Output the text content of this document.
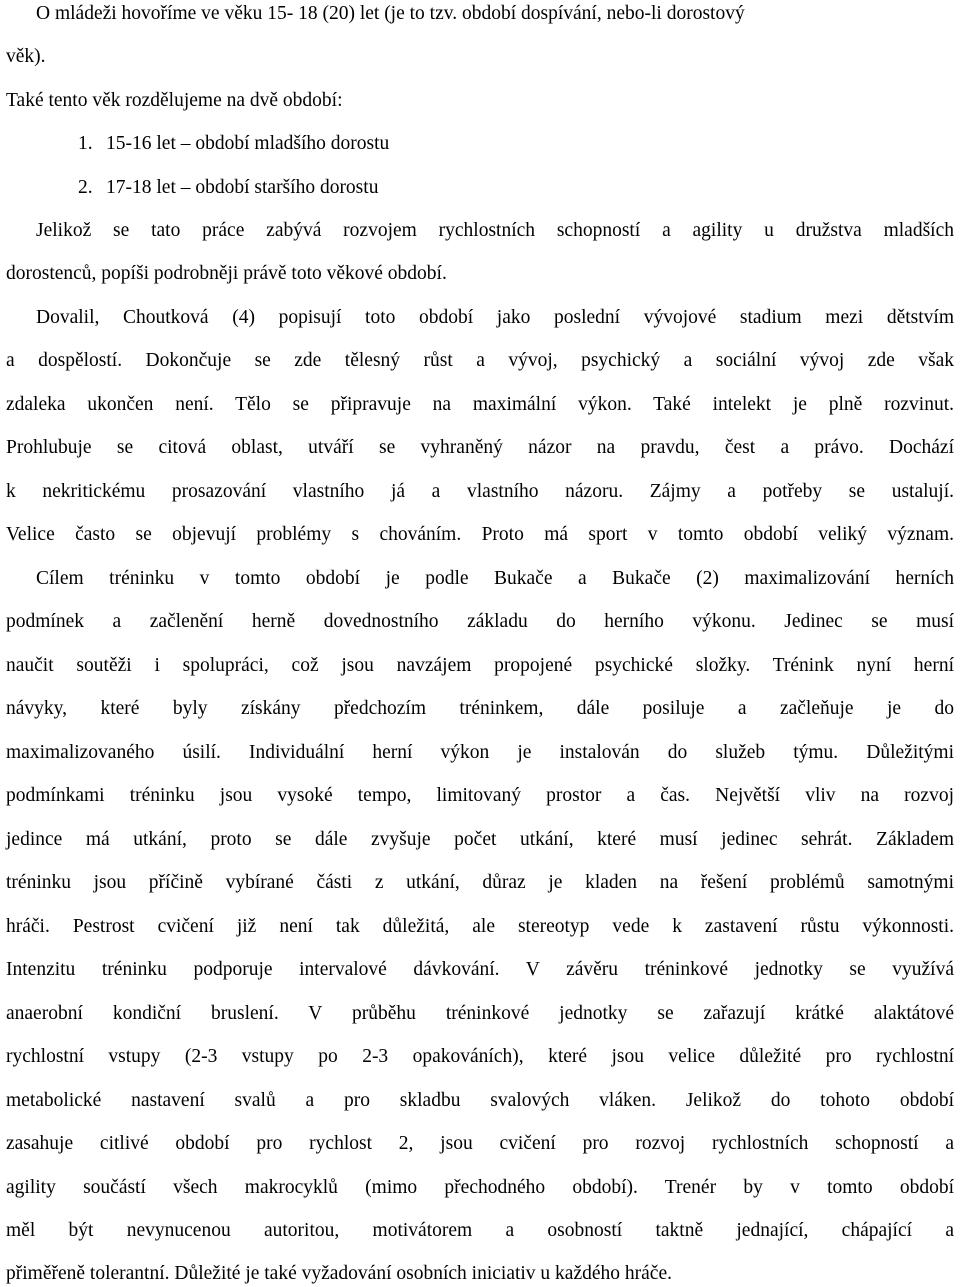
O mládeži hovoříme ve věku 15- 18 (20) let (je to tzv. období dospívání, nebo-li dorostový
věk).
Také tento věk rozdělujeme na dvě období:
1. 15-16 let – období mladšího dorostu
2. 17-18 let – období staršího dorostu
Jelikož se tato práce zabývá rozvojem rychlostních schopností a agility u družstva mladších
dorostenců, popíši podrobněji právě toto věkové období.
Dovalil, Choutková (4) popisují toto období jako poslední vývojové stadium mezi dětstvím
a dospělostí. Dokončuje se zde tělesný růst a vývoj, psychický a sociální vývoj zde však
zdaleka ukončen není. Tělo se připravuje na maximální výkon. Také intelekt je plně rozvinut.
Prohlubuje se citová oblast, utváří se vyhraněný názor na pravdu, čest a právo. Dochází
k nekritickému prosazování vlastního já a vlastního názoru. Zájmy a potřeby se ustalují.
Velice často se objevují problémy s chováním. Proto má sport v tomto období veliký význam.
Cílem tréninku v tomto období je podle Bukače a Bukače (2) maximalizování herních
podmínek a začlenění herně dovednostního základu do herního výkonu. Jedinec se musí
naučit soutěži i spolupráci, což jsou navzájem propojené psychické složky. Trénink nyní herní
návyky, které byly získány předchozím tréninkem, dále posiluje a začleňuje je do
maximalizovaného úsilí. Individuální herní výkon je instalován do služeb týmu. Důležitými
podmínkami tréninku jsou vysoké tempo, limitovaný prostor a čas. Největší vliv na rozvoj
jedince má utkání, proto se dále zvyšuje počet utkání, které musí jedinec sehrát. Základem
tréninku jsou příčině vybírané části z utkání, důraz je kladen na řešení problémů samotnými
hráči. Pestrost cvičení již není tak důležitá, ale stereotyp vede k zastavení růstu výkonnosti.
Intenzitu tréninku podporuje intervalové dávkování. V závěru tréninkové jednotky se využívá
anaerobní kondiční bruslení. V průběhu tréninkové jednotky se zařazují krátké alaktátové
rychlostní vstupy (2-3 vstupy po 2-3 opakováních), které jsou velice důležité pro rychlostní
metabolické nastavení svalů a pro skladbu svalových vláken. Jelikož do tohoto období
zasahuje citlivé období pro rychlost 2, jsou cvičení pro rozvoj rychlostních schopností a
agility součástí všech makrocyklů (mimo přechodného období). Trenér by v tomto období
měl být nevynucenou autoritou, motivátorem a osobností taktně jednající, chápající a
přiměřeně tolerantní. Důležité je také vyžadování osobních iniciativ u každého hráče.
